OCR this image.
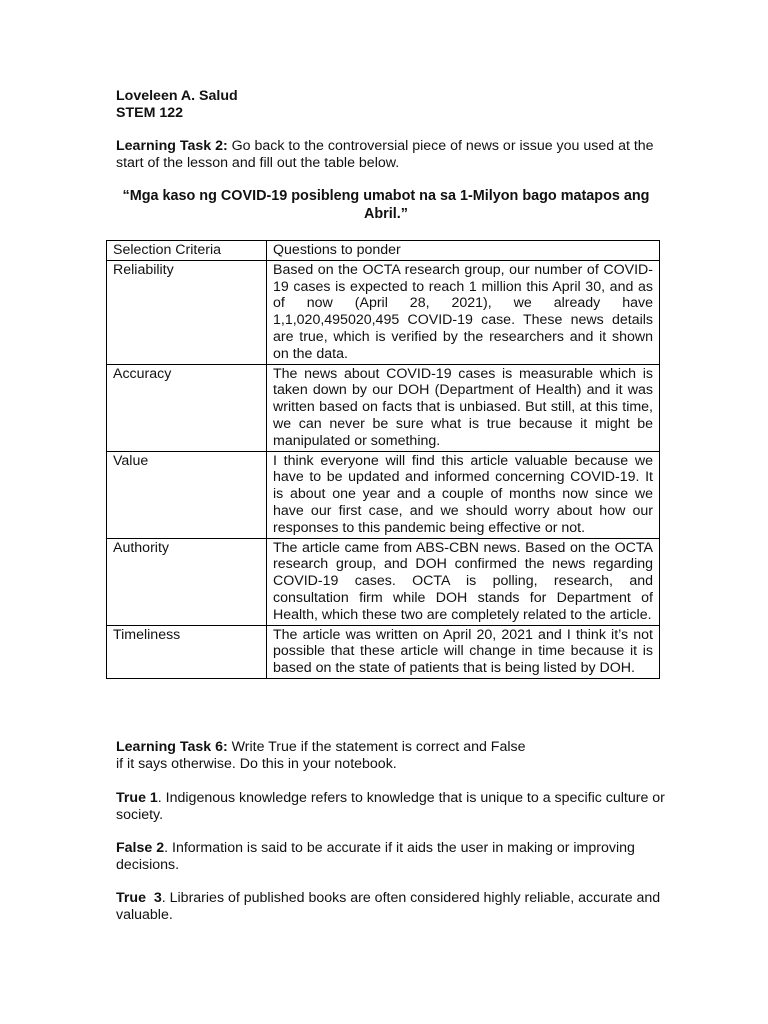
Loveleen A. Salud
STEM 122
Learning Task 2: Go back to the controversial piece of news or issue you used at the start of the lesson and fill out the table below.
“Mga kaso ng COVID-19 posibleng umabot na sa 1-Milyon bago matapos ang Abril.”
Selection Criteria	Questions to ponder
Reliability	Based on the OCTA research group, our number of COVID-19 cases is expected to reach 1 million this April 30, and as of now (April 28, 2021), we already have 1,1,020,495020,495 COVID-19 case. These news details are true, which is verified by the researchers and it shown on the data.
Accuracy	The news about COVID-19 cases is measurable which is taken down by our DOH (Department of Health) and it was written based on facts that is unbiased. But still, at this time, we can never be sure what is true because it might be manipulated or something.
Value	I think everyone will find this article valuable because we have to be updated and informed concerning COVID-19. It is about one year and a couple of months now since we have our first case, and we should worry about how our responses to this pandemic being effective or not.
Authority	The article came from ABS-CBN news. Based on the OCTA research group, and DOH confirmed the news regarding COVID-19 cases. OCTA is polling, research, and consultation firm while DOH stands for Department of Health, which these two are completely related to the article.
Timeliness	The article was written on April 20, 2021 and I think it’s not possible that these article will change in time because it is based on the state of patients that is being listed by DOH.
Learning Task 6: Write True if the statement is correct and False
if it says otherwise. Do this in your notebook.
True 1. Indigenous knowledge refers to knowledge that is unique to a specific culture or society.
False 2. Information is said to be accurate if it aids the user in making or improving decisions.
True  3. Libraries of published books are often considered highly reliable, accurate and valuable.
